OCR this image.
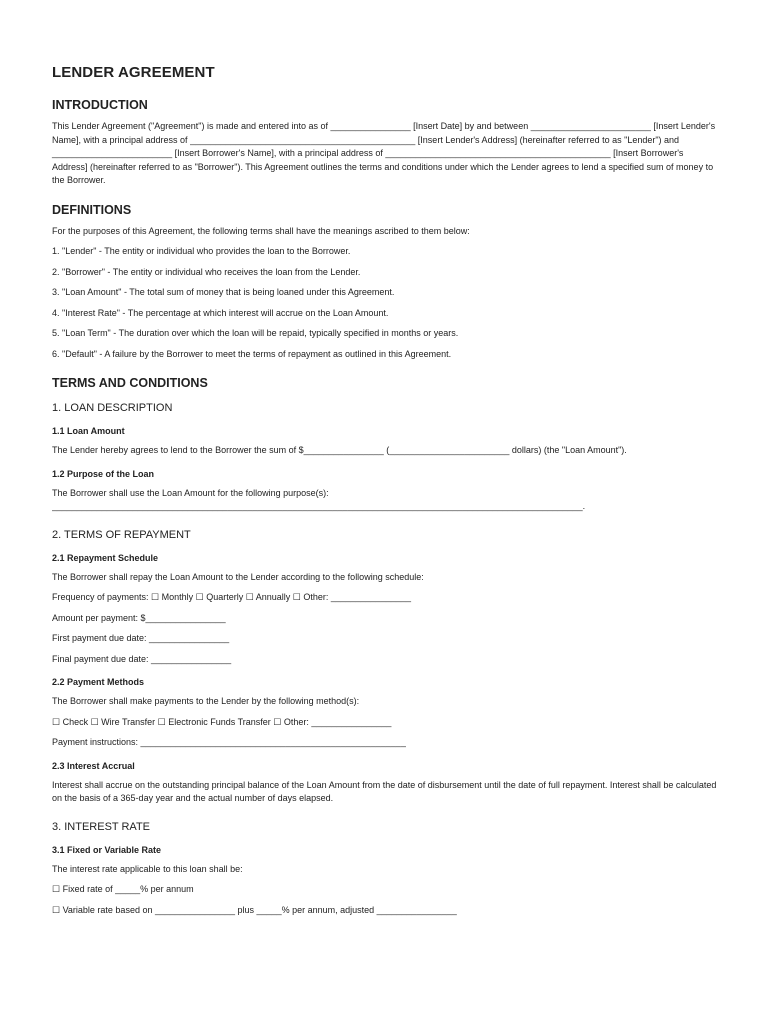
LENDER AGREEMENT
INTRODUCTION

This Lender Agreement ("Agreement") is made and entered into as of ________________ [Insert Date] by and between ________________________ [Insert Lender's Name], with a principal address of _____________________________________________ [Insert Lender's Address] (hereinafter referred to as "Lender") and ________________________ [Insert Borrower's Name], with a principal address of _____________________________________________ [Insert Borrower's Address] (hereinafter referred to as "Borrower"). This Agreement outlines the terms and conditions under which the Lender agrees to lend a specified sum of money to the Borrower.

DEFINITIONS

For the purposes of this Agreement, the following terms shall have the meanings ascribed to them below:

1. "Lender" - The entity or individual who provides the loan to the Borrower.

2. "Borrower" - The entity or individual who receives the loan from the Lender.

3. "Loan Amount" - The total sum of money that is being loaned under this Agreement.

4. "Interest Rate" - The percentage at which interest will accrue on the Loan Amount.

5. "Loan Term" - The duration over which the loan will be repaid, typically specified in months or years.

6. "Default" - A failure by the Borrower to meet the terms of repayment as outlined in this Agreement.

TERMS AND CONDITIONS
1. LOAN DESCRIPTION
1.1 Loan Amount

The Lender hereby agrees to lend to the Borrower the sum of $________________ (________________________ dollars) (the "Loan Amount").

1.2 Purpose of the Loan

The Borrower shall use the Loan Amount for the following purpose(s):

__________________________________________________________________________________________________________.

2. TERMS OF REPAYMENT
2.1 Repayment Schedule

The Borrower shall repay the Loan Amount to the Lender according to the following schedule:

Frequency of payments: ☐ Monthly ☐ Quarterly ☐ Annually ☐ Other: ________________

Amount per payment: $________________

First payment due date: ________________

Final payment due date: ________________

2.2 Payment Methods

The Borrower shall make payments to the Lender by the following method(s):

☐ Check ☐ Wire Transfer ☐ Electronic Funds Transfer ☐ Other: ________________

Payment instructions: _____________________________________________________

2.3 Interest Accrual

Interest shall accrue on the outstanding principal balance of the Loan Amount from the date of disbursement until the date of full repayment. Interest shall be calculated on the basis of a 365-day year and the actual number of days elapsed.

3. INTEREST RATE
3.1 Fixed or Variable Rate

The interest rate applicable to this loan shall be:

☐ Fixed rate of _____% per annum

☐ Variable rate based on ________________ plus _____% per annum, adjusted ________________
